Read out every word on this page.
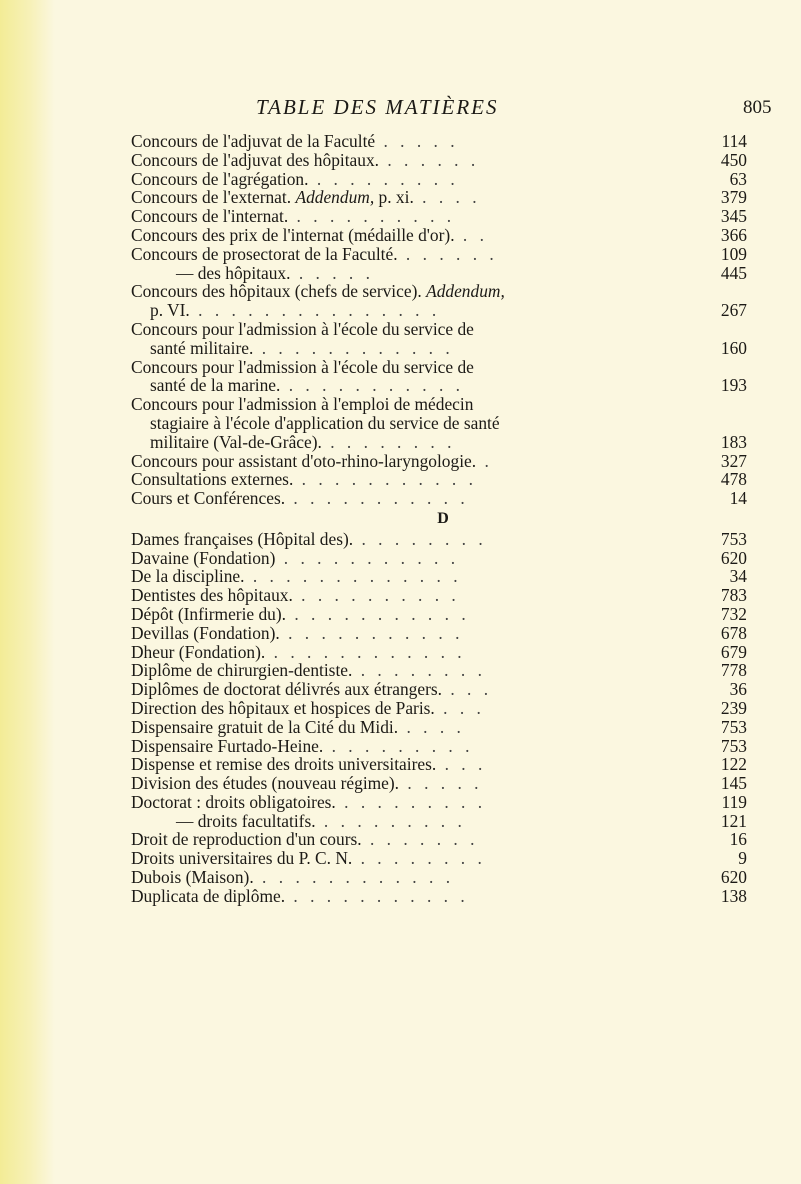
TABLE DES MATIÈRES	805
Concours de l'adjuvat de la Faculté . . . . .	114
Concours de l'adjuvat des hôpitaux. . . . . . .	450
Concours de l'agrégation. . . . . . . . . .	63
Concours de l'externat. Addendum, p. xi. . . . .	379
Concours de l'internat. . . . . . . . . . .	345
Concours des prix de l'internat (médaille d'or). . .	366
Concours de prosectorat de la Faculté. . . . . . .	109
— des hôpitaux. . . . . .	445
Concours des hôpitaux (chefs de service). Addendum,
p. VI. . . . . . . . . . . . . . . .	267
Concours pour l'admission à l'école du service de
santé militaire. . . . . . . . . . . . .	160
Concours pour l'admission à l'école du service de
santé de la marine. . . . . . . . . . . .	193
Concours pour l'admission à l'emploi de médecin
stagiaire à l'école d'application du service de santé
militaire (Val-de-Grâce). . . . . . . . .	183
Concours pour assistant d'oto-rhino-laryngologie. .	327
Consultations externes. . . . . . . . . . . .	478
Cours et Conférences. . . . . . . . . . . .	14
D
Dames françaises (Hôpital des). . . . . . . . .	753
Davaine (Fondation) . . . . . . . . . . .	620
De la discipline. . . . . . . . . . . . . .	34
Dentistes des hôpitaux. . . . . . . . . . .	783
Dépôt (Infirmerie du). . . . . . . . . . . .	732
Devillas (Fondation). . . . . . . . . . . .	678
Dheur (Fondation). . . . . . . . . . . . .	679
Diplôme de chirurgien-dentiste. . . . . . . . .	778
Diplômes de doctorat délivrés aux étrangers. . . .	36
Direction des hôpitaux et hospices de Paris. . . .	239
Dispensaire gratuit de la Cité du Midi. . . . .	753
Dispensaire Furtado-Heine. . . . . . . . . .	753
Dispense et remise des droits universitaires. . . .	122
Division des études (nouveau régime). . . . . .	145
Doctorat : droits obligatoires. . . . . . . . . .	119
— droits facultatifs. . . . . . . . . .	121
Droit de reproduction d'un cours. . . . . . . .	16
Droits universitaires du P. C. N. . . . . . . . .	9
Dubois (Maison). . . . . . . . . . . . .	620
Duplicata de diplôme. . . . . . . . . . . .	138
